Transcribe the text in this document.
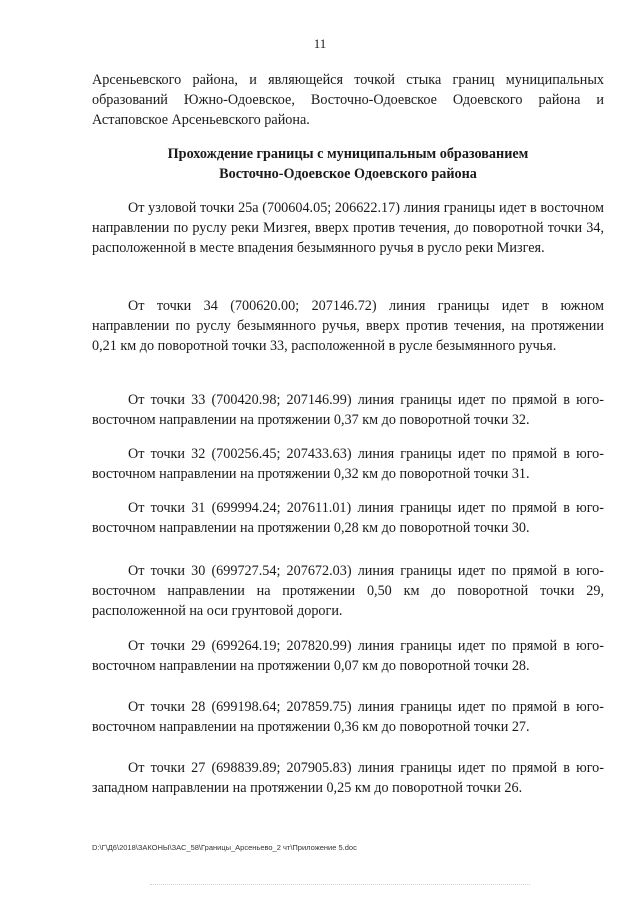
11

Арсеньевского района, и являющейся точкой стыка границ муниципальных образований Южно-Одоевское, Восточно-Одоевское Одоевского района и Астаповское Арсеньевского района.

Прохождение границы с муниципальным образованием
Восточно-Одоевское Одоевского района

От узловой точки 25а (700604.05; 206622.17) линия границы идет в восточном направлении по руслу реки Мизгея, вверх против течения, до поворотной точки 34, расположенной в месте впадения безымянного ручья в русло реки Мизгея.

От точки 34 (700620.00; 207146.72) линия границы идет в южном направлении по руслу безымянного ручья, вверх против течения, на протяжении 0,21 км до поворотной точки 33, расположенной в русле безымянного ручья.

От точки 33 (700420.98; 207146.99) линия границы идет по прямой в юго-восточном направлении на протяжении 0,37 км до поворотной точки 32.

От точки 32 (700256.45; 207433.63) линия границы идет по прямой в юго-восточном направлении на протяжении 0,32 км до поворотной точки 31.

От точки 31 (699994.24; 207611.01) линия границы идет по прямой в юго-восточном направлении на протяжении 0,28 км до поворотной точки 30.

От точки 30 (699727.54; 207672.03) линия границы идет по прямой в юго-восточном направлении на протяжении 0,50 км до поворотной точки 29, расположенной на оси грунтовой дороги.

От точки 29 (699264.19; 207820.99) линия границы идет по прямой в юго-восточном направлении на протяжении 0,07 км до поворотной точки 28.

От точки 28 (699198.64; 207859.75) линия границы идет по прямой в юго-восточном направлении на протяжении 0,36 км до поворотной точки 27.

От точки 27 (698839.89; 207905.83) линия границы идет по прямой в юго-западном направлении на протяжении 0,25 км до поворотной точки 26.

D:\Г\Д6\2018\ЗАКОНЫ\ЗАС_58\Границы_Арсеньево_2 чт\Приложение 5.doc
